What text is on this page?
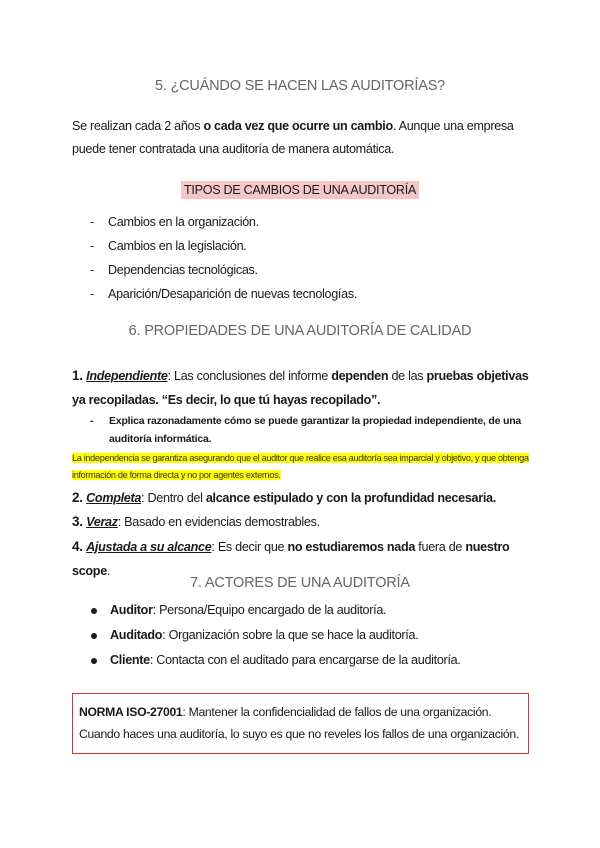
5. ¿CUÁNDO SE HACEN LAS AUDITORÍAS?
Se realizan cada 2 años o cada vez que ocurre un cambio. Aunque una empresa puede tener contratada una auditoría de manera automática.
TIPOS DE CAMBIOS DE UNA AUDITORÍA
- Cambios en la organización.
- Cambios en la legislación.
- Dependencias tecnológicas.
- Aparición/Desaparición de nuevas tecnologías.
6. PROPIEDADES DE UNA AUDITORÍA DE CALIDAD
1. Independiente: Las conclusiones del informe dependen de las pruebas objetivas ya recopiladas. “Es decir, lo que tú hayas recopilado”.
- Explica razonadamente cómo se puede garantizar la propiedad independiente, de una auditoría informática.
La independencia se garantiza asegurando que el auditor que realice esa auditoría sea imparcial y objetivo, y que obtenga información de forma directa y no por agentes externos.
2. Completa: Dentro del alcance estipulado y con la profundidad necesaria.
3. Veraz: Basado en evidencias demostrables.
4. Ajustada a su alcance: Es decir que no estudiaremos nada fuera de nuestro scope.
7. ACTORES DE UNA AUDITORÍA
Auditor: Persona/Equipo encargado de la auditoría.
Auditado: Organización sobre la que se hace la auditoría.
Cliente: Contacta con el auditado para encargarse de la auditoría.
NORMA ISO-27001: Mantener la confidencialidad de fallos de una organización. Cuando haces una auditoría, lo suyo es que no reveles los fallos de una organización.
